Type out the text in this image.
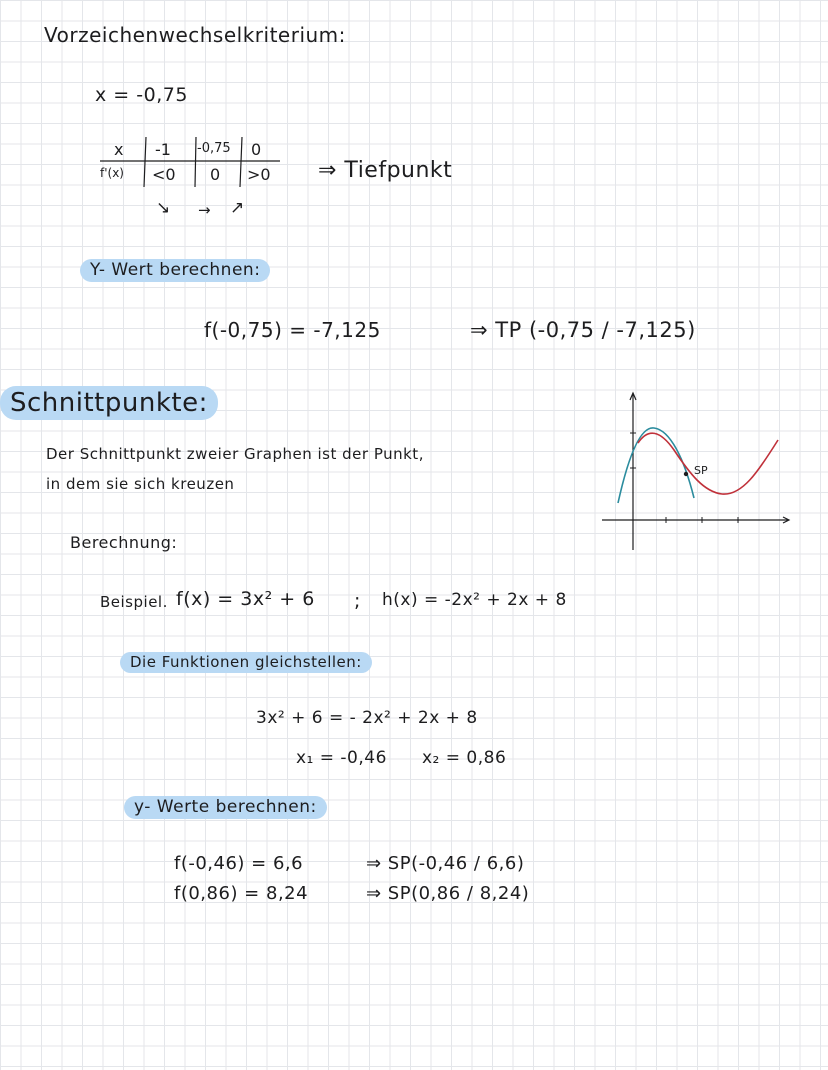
Vorzeichenwechselkriterium:
x = -0,75
x -1 -0,75 0
f'(x) <0 0 >0
↘ → ↗
⇒ Tiefpunkt
Y- Wert berechnen:
f(-0,75) = -7,125	⇒ TP (-0,75 / -7,125)
Schnittpunkte:
Der Schnittpunkt zweier Graphen ist der Punkt,
in dem sie sich kreuzen
Berechnung:
Beispiel. f(x) = 3x² + 6 ; h(x) = -2x² + 2x + 8
Die Funktionen gleichstellen:
3x² + 6 = - 2x² + 2x + 8
x₁ = -0,46 x₂ = 0,86
y- Werte berechnen:
f(-0,46) = 6,6
f(0,86) = 8,24
⇒ SP(-0,46 / 6,6)
⇒ SP(0,86 / 8,24)
SP
